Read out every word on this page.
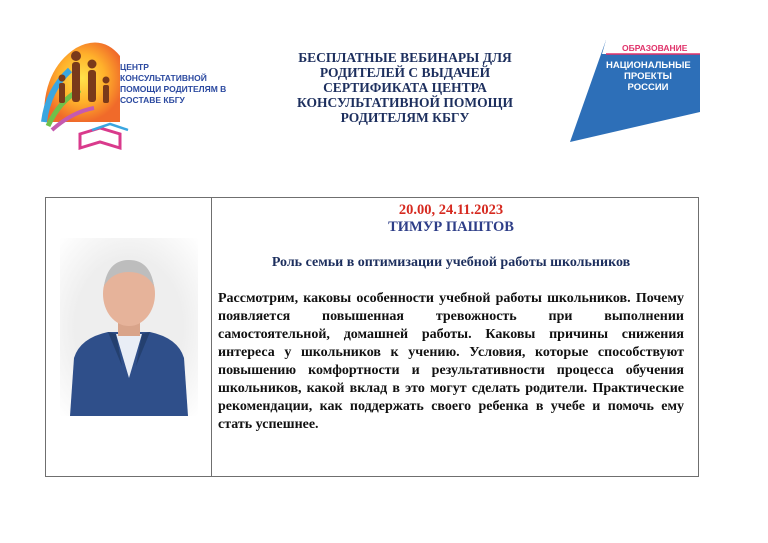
ЦЕНТР КОНСУЛЬТАТИВНОЙ ПОМОЩИ РОДИТЕЛЯМ В СОСТАВЕ КБГУ
БЕСПЛАТНЫЕ ВЕБИНАРЫ ДЛЯ РОДИТЕЛЕЙ С ВЫДАЧЕЙ СЕРТИФИКАТА ЦЕНТРА КОНСУЛЬТАТИВНОЙ ПОМОЩИ РОДИТЕЛЯМ КБГУ
ОБРАЗОВАНИЕ
НАЦИОНАЛЬНЫЕ ПРОЕКТЫ РОССИИ
20.00, 24.11.2023
ТИМУР ПАШТОВ
Роль семьи в оптимизации учебной работы школьников
Рассмотрим, каковы особенности учебной работы школьников. Почему появляется повышенная тревожность при выполнении самостоятельной, домашней работы. Каковы причины снижения интереса у школьников к учению. Условия, которые способствуют повышению комфортности и результативности процесса обучения школьников, какой вклад в это могут сделать родители. Практические рекомендации, как поддержать своего ребенка в учебе и помочь ему стать успешнее.
